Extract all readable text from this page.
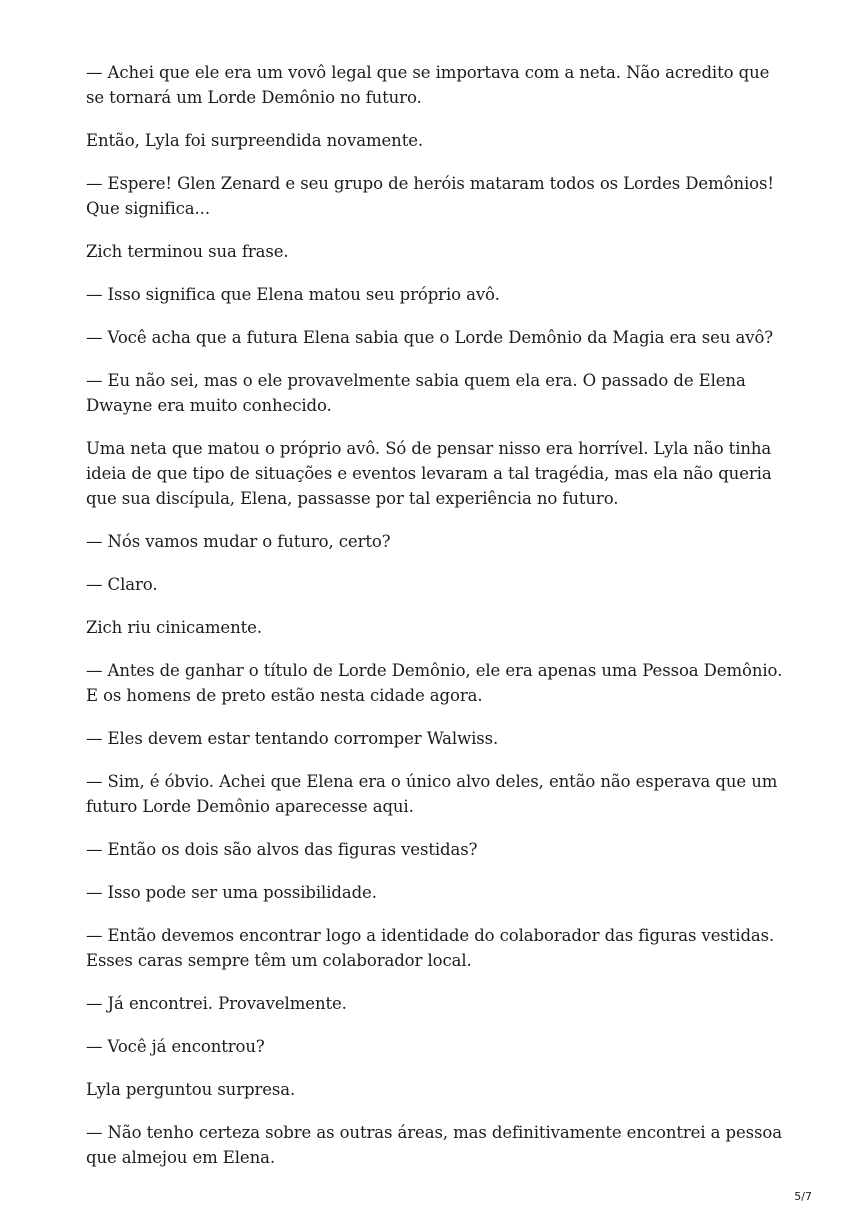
— Achei que ele era um vovô legal que se importava com a neta. Não acredito que se tornará um Lorde Demônio no futuro.

Então, Lyla foi surpreendida novamente.

— Espere! Glen Zenard e seu grupo de heróis mataram todos os Lordes Demônios! Que significa...

Zich terminou sua frase.

— Isso significa que Elena matou seu próprio avô.

— Você acha que a futura Elena sabia que o Lorde Demônio da Magia era seu avô?

— Eu não sei, mas o ele provavelmente sabia quem ela era. O passado de Elena Dwayne era muito conhecido.

Uma neta que matou o próprio avô. Só de pensar nisso era horrível. Lyla não tinha ideia de que tipo de situações e eventos levaram a tal tragédia, mas ela não queria que sua discípula, Elena, passasse por tal experiência no futuro.

— Nós vamos mudar o futuro, certo?

— Claro.

Zich riu cinicamente.

— Antes de ganhar o título de Lorde Demônio, ele era apenas uma Pessoa Demônio. E os homens de preto estão nesta cidade agora.

— Eles devem estar tentando corromper Walwiss.

— Sim, é óbvio. Achei que Elena era o único alvo deles, então não esperava que um futuro Lorde Demônio aparecesse aqui.

— Então os dois são alvos das figuras vestidas?

— Isso pode ser uma possibilidade.

— Então devemos encontrar logo a identidade do colaborador das figuras vestidas. Esses caras sempre têm um colaborador local.

— Já encontrei. Provavelmente.

— Você já encontrou?

Lyla perguntou surpresa.

— Não tenho certeza sobre as outras áreas, mas definitivamente encontrei a pessoa que almejou em Elena.

5/7
